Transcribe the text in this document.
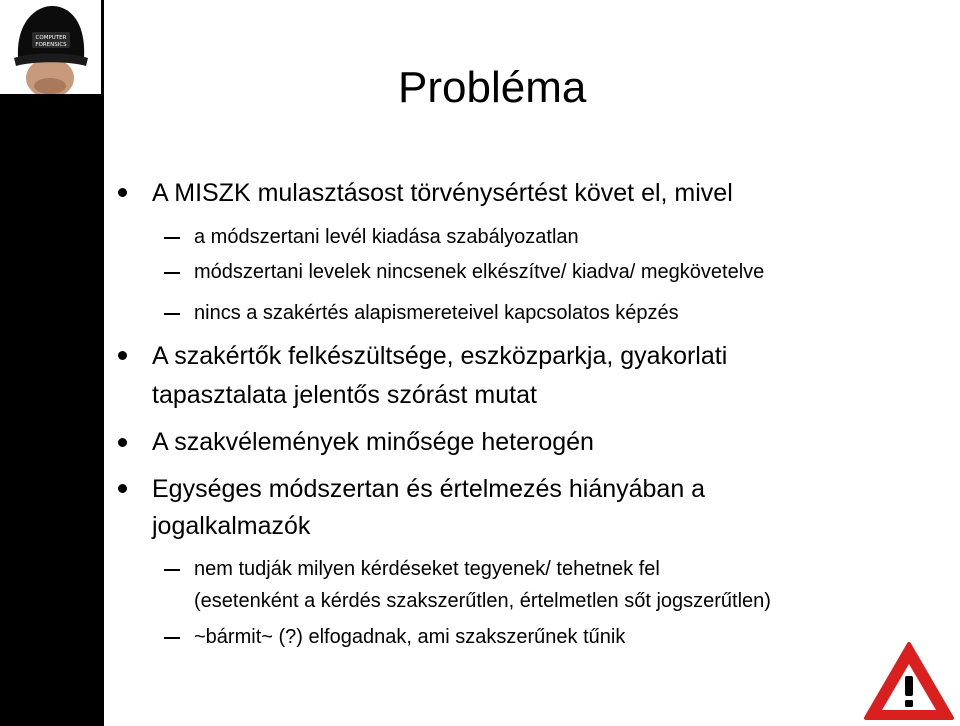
COMPUTER
FORENSICS
Probléma
A MISZK mulasztásost törvénysértést követ el, mivel
a módszertani levél kiadása szabályozatlan
módszertani levelek nincsenek elkészítve/ kiadva/ megkövetelve
nincs a szakértés alapismereteivel kapcsolatos képzés
A szakértők felkészültsége, eszközparkja, gyakorlati
tapasztalata jelentős szórást mutat
A szakvélemények minősége heterogén
Egységes módszertan és értelmezés hiányában a
jogalkalmazók
nem tudják milyen kérdéseket tegyenek/ tehetnek fel
(esetenként a kérdés szakszerűtlen, értelmetlen sőt jogszerűtlen)
~bármit~ (?) elfogadnak, ami szakszerűnek tűnik
